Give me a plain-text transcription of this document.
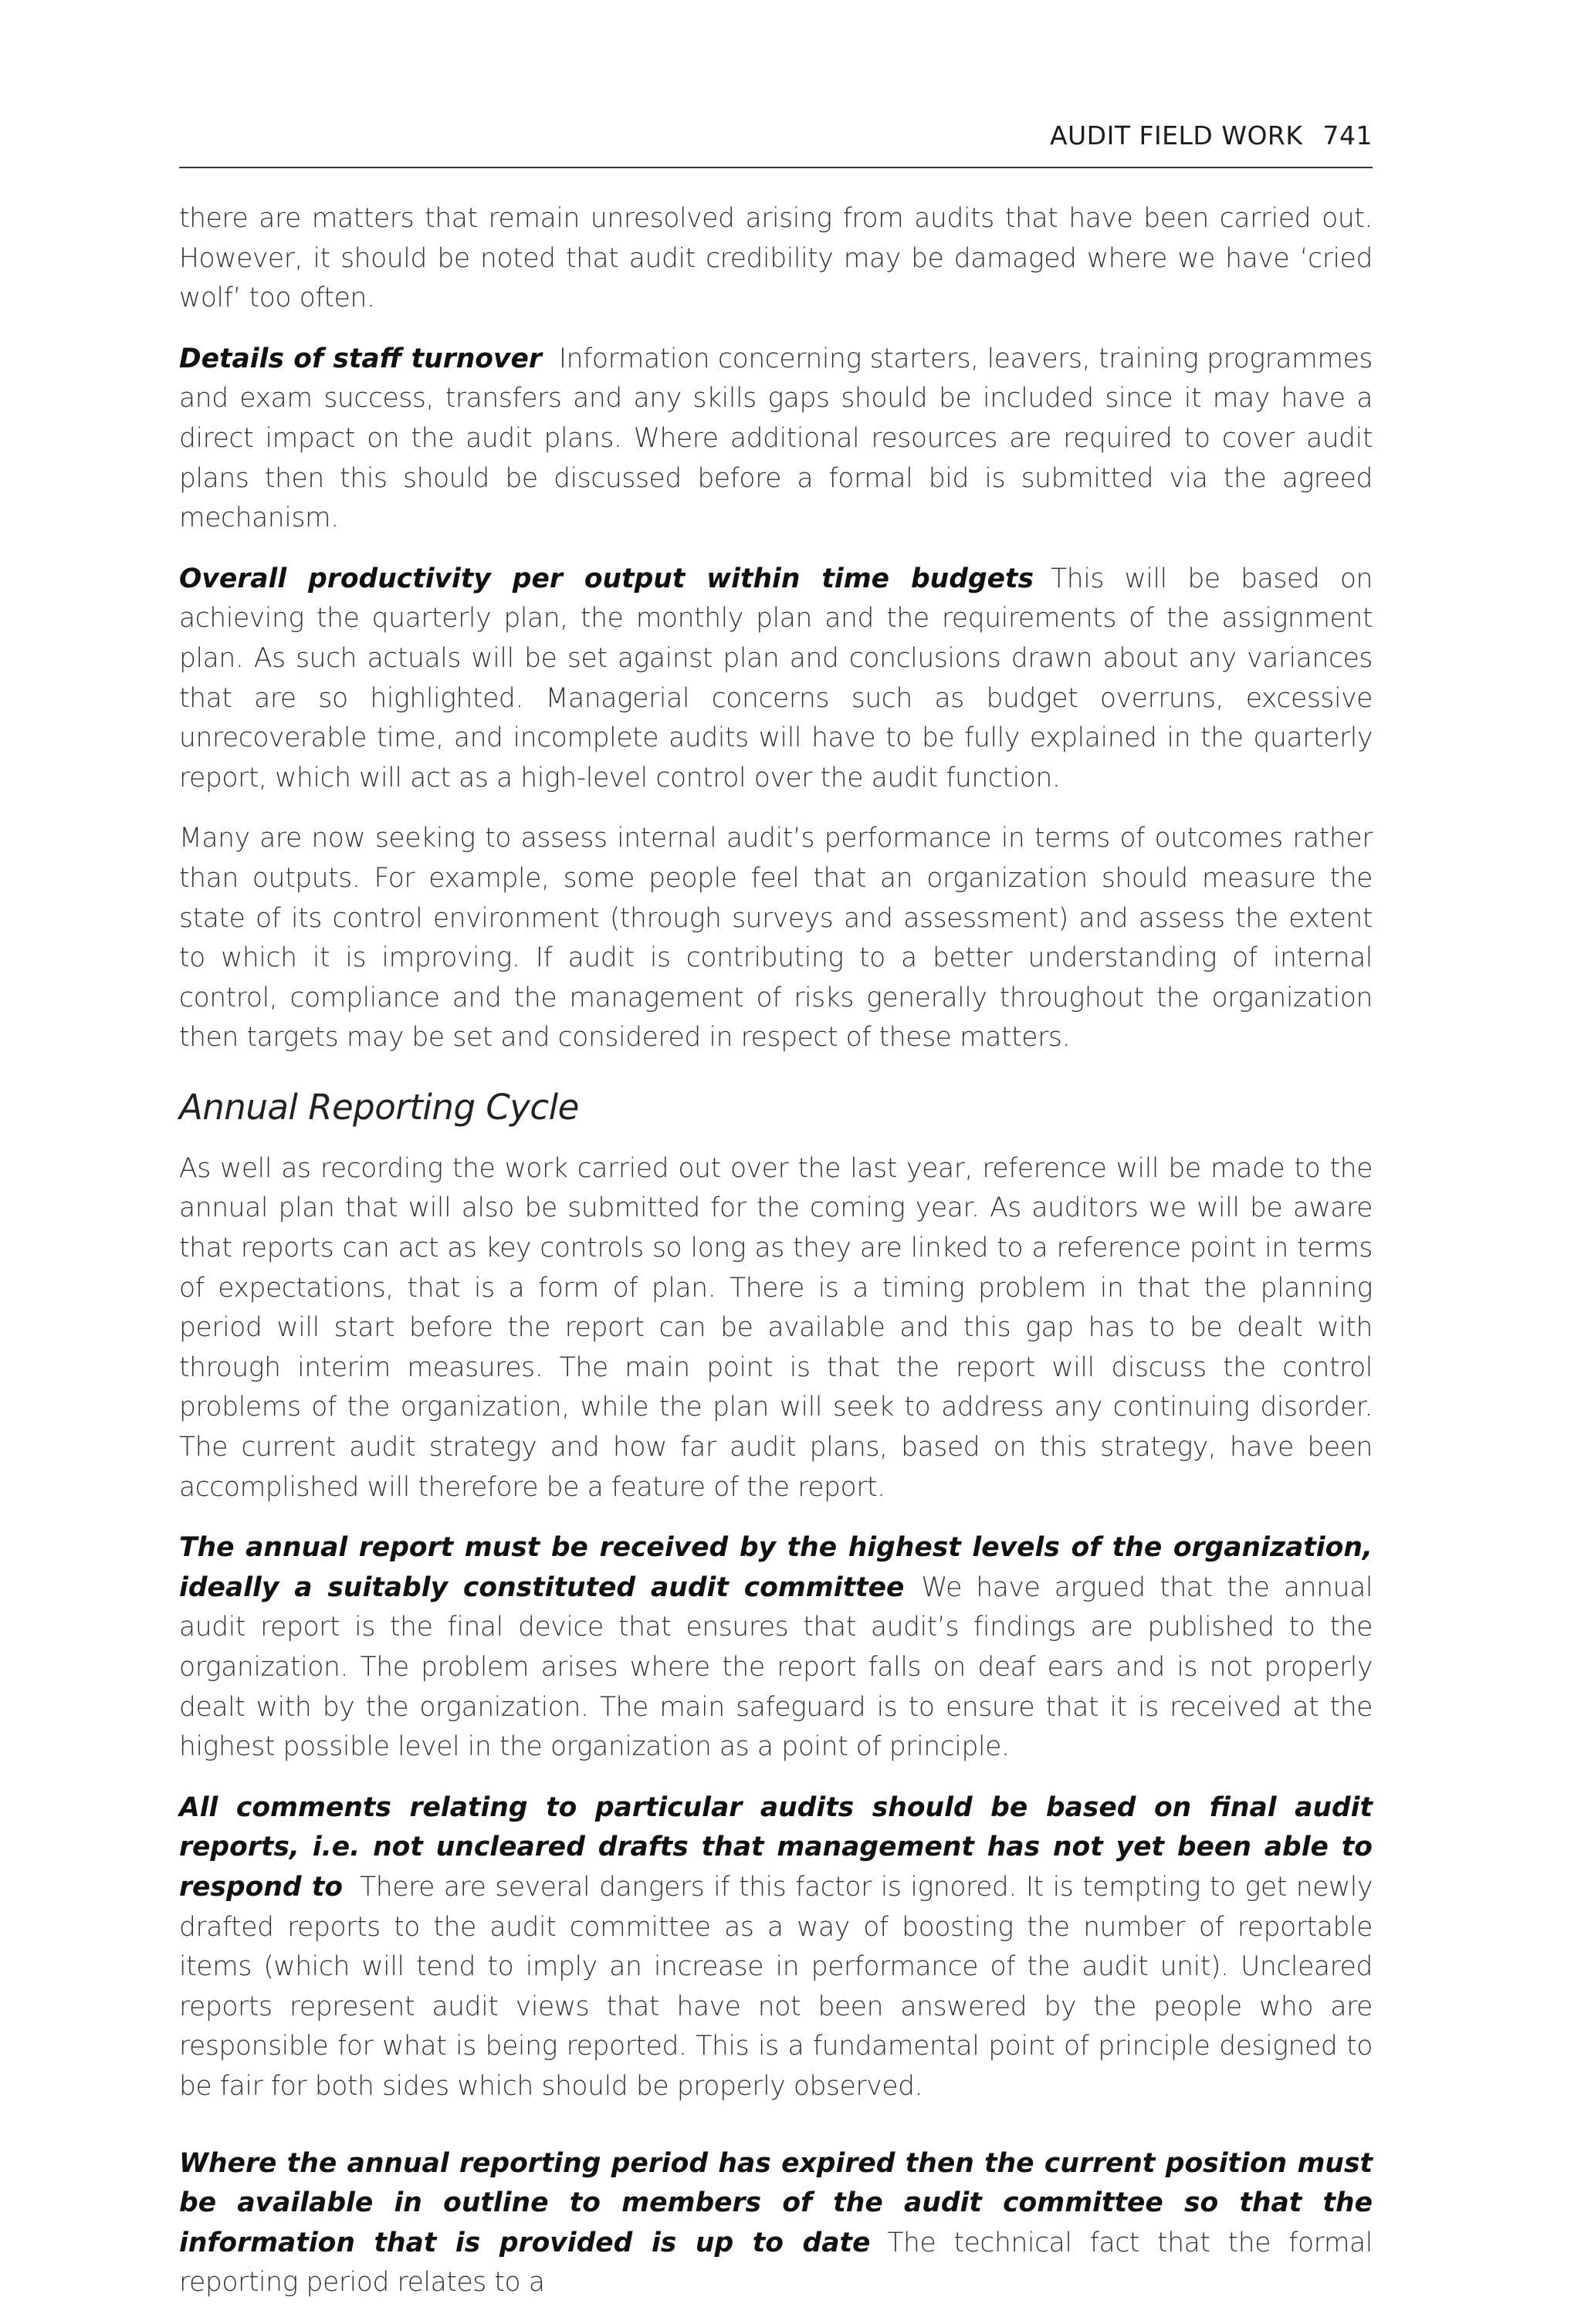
AUDIT FIELD WORK 741

there are matters that remain unresolved arising from audits that have been carried out. However, it should be noted that audit credibility may be damaged where we have ‘cried wolf’ too often.

Details of staff turnover Information concerning starters, leavers, training programmes and exam success, transfers and any skills gaps should be included since it may have a direct impact on the audit plans. Where additional resources are required to cover audit plans then this should be discussed before a formal bid is submitted via the agreed mechanism.

Overall productivity per output within time budgets This will be based on achieving the quarterly plan, the monthly plan and the requirements of the assignment plan. As such actuals will be set against plan and conclusions drawn about any variances that are so highlighted. Managerial concerns such as budget overruns, excessive unrecoverable time, and incomplete audits will have to be fully explained in the quarterly report, which will act as a high-level control over the audit function.

Many are now seeking to assess internal audit’s performance in terms of outcomes rather than outputs. For example, some people feel that an organization should measure the state of its control environment (through surveys and assessment) and assess the extent to which it is improving. If audit is contributing to a better understanding of internal control, compliance and the management of risks generally throughout the organization then targets may be set and considered in respect of these matters.

Annual Reporting Cycle

As well as recording the work carried out over the last year, reference will be made to the annual plan that will also be submitted for the coming year. As auditors we will be aware that reports can act as key controls so long as they are linked to a reference point in terms of expectations, that is a form of plan. There is a timing problem in that the planning period will start before the report can be available and this gap has to be dealt with through interim measures. The main point is that the report will discuss the control problems of the organization, while the plan will seek to address any continuing disorder. The current audit strategy and how far audit plans, based on this strategy, have been accomplished will therefore be a feature of the report.

The annual report must be received by the highest levels of the organization, ideally a suitably constituted audit committee We have argued that the annual audit report is the final device that ensures that audit’s findings are published to the organization. The problem arises where the report falls on deaf ears and is not properly dealt with by the organization. The main safeguard is to ensure that it is received at the highest possible level in the organization as a point of principle.

All comments relating to particular audits should be based on final audit reports, i.e. not uncleared drafts that management has not yet been able to respond to There are several dangers if this factor is ignored. It is tempting to get newly drafted reports to the audit committee as a way of boosting the number of reportable items (which will tend to imply an increase in performance of the audit unit). Uncleared reports represent audit views that have not been answered by the people who are responsible for what is being reported. This is a fundamental point of principle designed to be fair for both sides which should be properly observed.

Where the annual reporting period has expired then the current position must be available in outline to members of the audit committee so that the information that is provided is up to date The technical fact that the formal reporting period relates to a
